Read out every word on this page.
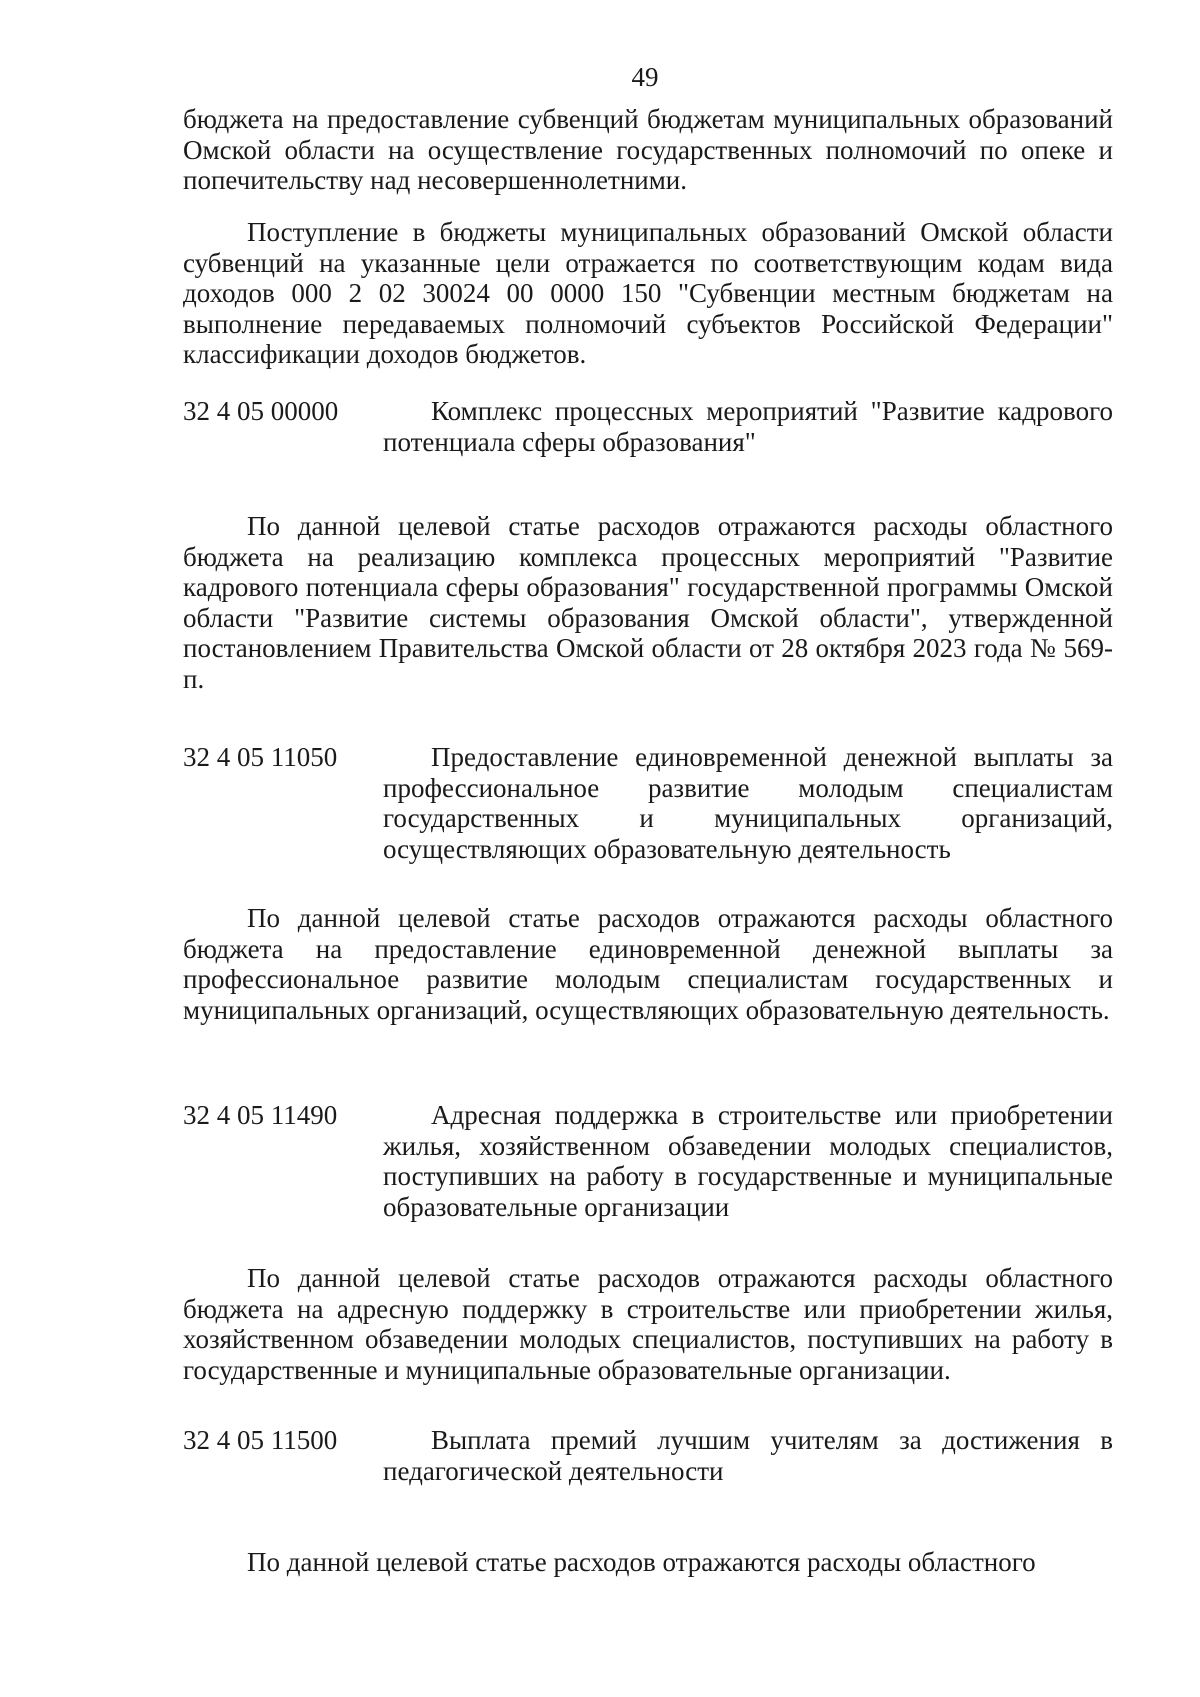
49

бюджета на предоставление субвенций бюджетам муниципальных образований Омской области на осуществление государственных полномочий по опеке и попечительству над несовершеннолетними.

Поступление в бюджеты муниципальных образований Омской области субвенций на указанные цели отражается по соответствующим кодам вида доходов 000 2 02 30024 00 0000 150 "Субвенции местным бюджетам на выполнение передаваемых полномочий субъектов Российской Федерации" классификации доходов бюджетов.

32 4 05 00000	Комплекс процессных мероприятий "Развитие кадрового потенциала сферы образования"

По данной целевой статье расходов отражаются расходы областного бюджета на реализацию комплекса процессных мероприятий "Развитие кадрового потенциала сферы образования" государственной программы Омской области "Развитие системы образования Омской области", утвержденной постановлением Правительства Омской области от 28 октября 2023 года № 569-п.

32 4 05 11050	Предоставление единовременной денежной выплаты за профессиональное развитие молодым специалистам государственных и муниципальных организаций, осуществляющих образовательную деятельность

По данной целевой статье расходов отражаются расходы областного бюджета на предоставление единовременной денежной выплаты за профессиональное развитие молодым специалистам государственных и муниципальных организаций, осуществляющих образовательную деятельность.

32 4 05 11490	Адресная поддержка в строительстве или приобретении жилья, хозяйственном обзаведении молодых специалистов, поступивших на работу в государственные и муниципальные образовательные организации

По данной целевой статье расходов отражаются расходы областного бюджета на адресную поддержку в строительстве или приобретении жилья, хозяйственном обзаведении молодых специалистов, поступивших на работу в государственные и муниципальные образовательные организации.

32 4 05 11500	Выплата премий лучшим учителям за достижения в педагогической деятельности

По данной целевой статье расходов отражаются расходы областного
